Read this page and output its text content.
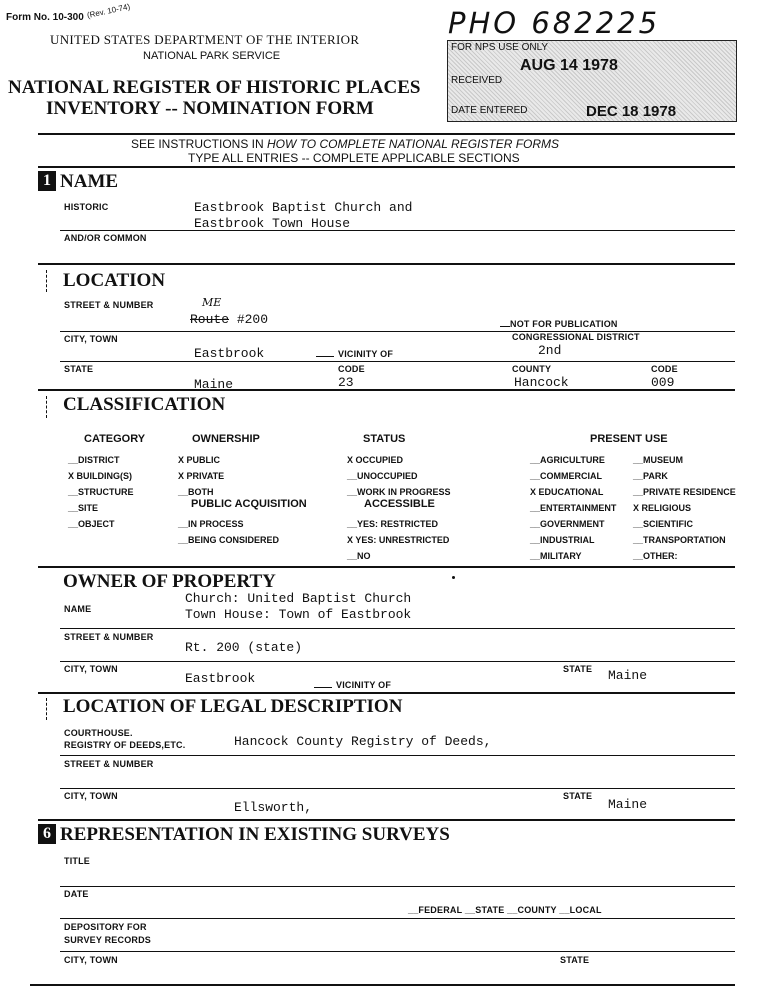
Form No. 10-300 (Rev. 10-74)
UNITED STATES DEPARTMENT OF THE INTERIOR
NATIONAL PARK SERVICE
NATIONAL REGISTER OF HISTORIC PLACES
INVENTORY -- NOMINATION FORM
PHO 682225
FOR NPS USE ONLY
RECEIVED
AUG 14 1978
DATE ENTERED	DEC 18 1978
SEE INSTRUCTIONS IN HOW TO COMPLETE NATIONAL REGISTER FORMS
TYPE ALL ENTRIES -- COMPLETE APPLICABLE SECTIONS
1 NAME
HISTORIC	Eastbrook Baptist Church and
Eastbrook Town House
AND/OR COMMON
LOCATION
STREET & NUMBER	ME
Route #200	NOT FOR PUBLICATION
CITY, TOWN	CONGRESSIONAL DISTRICT
Eastbrook	VICINITY OF	2nd
STATE	CODE	COUNTY	CODE
Maine	23	Hancock	009
CLASSIFICATION
CATEGORY
__DISTRICT
X BUILDING(S)
__STRUCTURE
__SITE
__OBJECT
OWNERSHIP
X PUBLIC
X PRIVATE
__BOTH
PUBLIC ACQUISITION
__IN PROCESS
__BEING CONSIDERED
STATUS
X OCCUPIED
__UNOCCUPIED
__WORK IN PROGRESS
ACCESSIBLE
__YES: RESTRICTED
X YES: UNRESTRICTED
__NO
PRESENT USE
__AGRICULTURE
__COMMERCIAL
X EDUCATIONAL
__ENTERTAINMENT
__GOVERNMENT
__INDUSTRIAL
__MILITARY
__MUSEUM
__PARK
__PRIVATE RESIDENCE
X RELIGIOUS
__SCIENTIFIC
__TRANSPORTATION
__OTHER:
OWNER OF PROPERTY
NAME
Church: United Baptist Church
Town House: Town of Eastbrook
STREET & NUMBER
Rt. 200 (state)
CITY, TOWN	STATE
Eastbrook	VICINITY OF
Maine
LOCATION OF LEGAL DESCRIPTION
COURTHOUSE.
REGISTRY OF DEEDS,ETC.	Hancock County Registry of Deeds,
STREET & NUMBER
CITY, TOWN	STATE
Ellsworth,	Maine
6 REPRESENTATION IN EXISTING SURVEYS
TITLE
DATE
__FEDERAL __STATE __COUNTY __LOCAL
DEPOSITORY FOR
SURVEY RECORDS
CITY, TOWN	STATE
